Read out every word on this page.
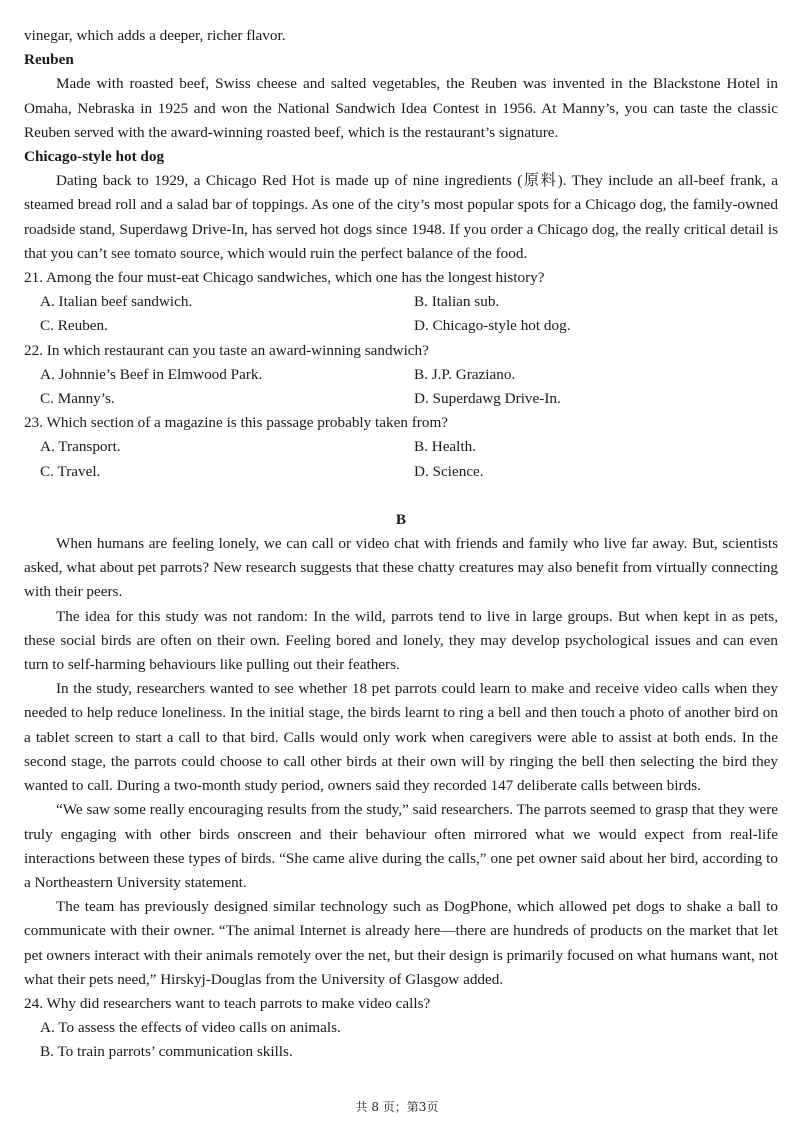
vinegar, which adds a deeper, richer flavor.

Reuben

Made with roasted beef, Swiss cheese and salted vegetables, the Reuben was invented in the Blackstone Hotel in Omaha, Nebraska in 1925 and won the National Sandwich Idea Contest in 1956. At Manny’s, you can taste the classic Reuben served with the award-winning roasted beef, which is the restaurant’s signature.

Chicago-style hot dog

Dating back to 1929, a Chicago Red Hot is made up of nine ingredients (原料). They include an all-beef frank, a steamed bread roll and a salad bar of toppings. As one of the city’s most popular spots for a Chicago dog, the family-owned roadside stand, Superdawg Drive-In, has served hot dogs since 1948. If you order a Chicago dog, the really critical detail is that you can’t see tomato source, which would ruin the perfect balance of the food.

21. Among the four must-eat Chicago sandwiches, which one has the longest history?

A. Italian beef sandwich.	B. Italian sub.

C. Reuben.	D. Chicago-style hot dog.

22. In which restaurant can you taste an award-winning sandwich?

A. Johnnie’s Beef in Elmwood Park.	B. J.P. Graziano.

C. Manny’s.	D. Superdawg Drive-In.

23. Which section of a magazine is this passage probably taken from?

A. Transport.	B. Health.

C. Travel.	D. Science.

B

When humans are feeling lonely, we can call or video chat with friends and family who live far away. But, scientists asked, what about pet parrots? New research suggests that these chatty creatures may also benefit from virtually connecting with their peers.

The idea for this study was not random: In the wild, parrots tend to live in large groups. But when kept in as pets, these social birds are often on their own. Feeling bored and lonely, they may develop psychological issues and can even turn to self-harming behaviours like pulling out their feathers.

In the study, researchers wanted to see whether 18 pet parrots could learn to make and receive video calls when they needed to help reduce loneliness. In the initial stage, the birds learnt to ring a bell and then touch a photo of another bird on a tablet screen to start a call to that bird. Calls would only work when caregivers were able to assist at both ends. In the second stage, the parrots could choose to call other birds at their own will by ringing the bell then selecting the bird they wanted to call. During a two-month study period, owners said they recorded 147 deliberate calls between birds.

“We saw some really encouraging results from the study,” said researchers. The parrots seemed to grasp that they were truly engaging with other birds onscreen and their behaviour often mirrored what we would expect from real-life interactions between these types of birds. “She came alive during the calls,” one pet owner said about her bird, according to a Northeastern University statement.

The team has previously designed similar technology such as DogPhone, which allowed pet dogs to shake a ball to communicate with their owner. “The animal Internet is already here—there are hundreds of products on the market that let pet owners interact with their animals remotely over the net, but their design is primarily focused on what humans want, not what their pets need,” Hirskyj-Douglas from the University of Glasgow added.

24. Why did researchers want to teach parrots to make video calls?

A. To assess the effects of video calls on animals.

B. To train parrots’ communication skills.

共 8 页；第3页
